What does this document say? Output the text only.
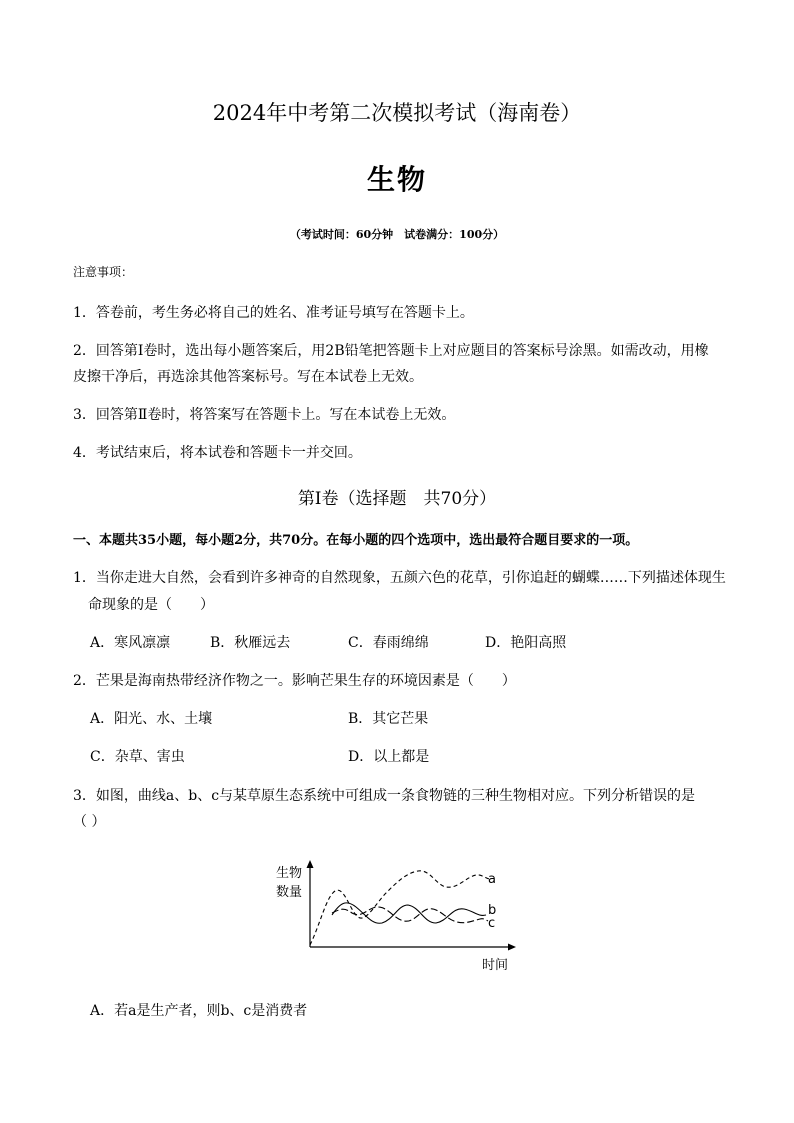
2024年中考第二次模拟考试（海南卷）
生物
（考试时间：60分钟　试卷满分：100分）
注意事项：
1．答卷前，考生务必将自己的姓名、准考证号填写在答题卡上。
2．回答第Ⅰ卷时，选出每小题答案后，用2B铅笔把答题卡上对应题目的答案标号涂黑。如需改动，用橡
皮擦干净后，再选涂其他答案标号。写在本试卷上无效。
3．回答第Ⅱ卷时，将答案写在答题卡上。写在本试卷上无效。
4．考试结束后，将本试卷和答题卡一并交回。
第Ⅰ卷（选择题　共70分）
一、本题共35小题，每小题2分，共70分。在每小题的四个选项中，选出最符合题目要求的一项。
1．当你走进大自然，会看到许多神奇的自然现象，五颜六色的花草，引你追赶的蝴蝶……下列描述体现生
命现象的是（　　）
A．寒风凛凛	B．秋雁远去	C．春雨绵绵	D．艳阳高照
2．芒果是海南热带经济作物之一。影响芒果生存的环境因素是（　　）
A．阳光、水、土壤	B．其它芒果
C．杂草、害虫	D．以上都是
3．如图，曲线a、b、c与某草原生态系统中可组成一条食物链的三种生物相对应。下列分析错误的是
（ ）
生物
数量
时间
a
b
c
A．若a是生产者，则b、c是消费者
